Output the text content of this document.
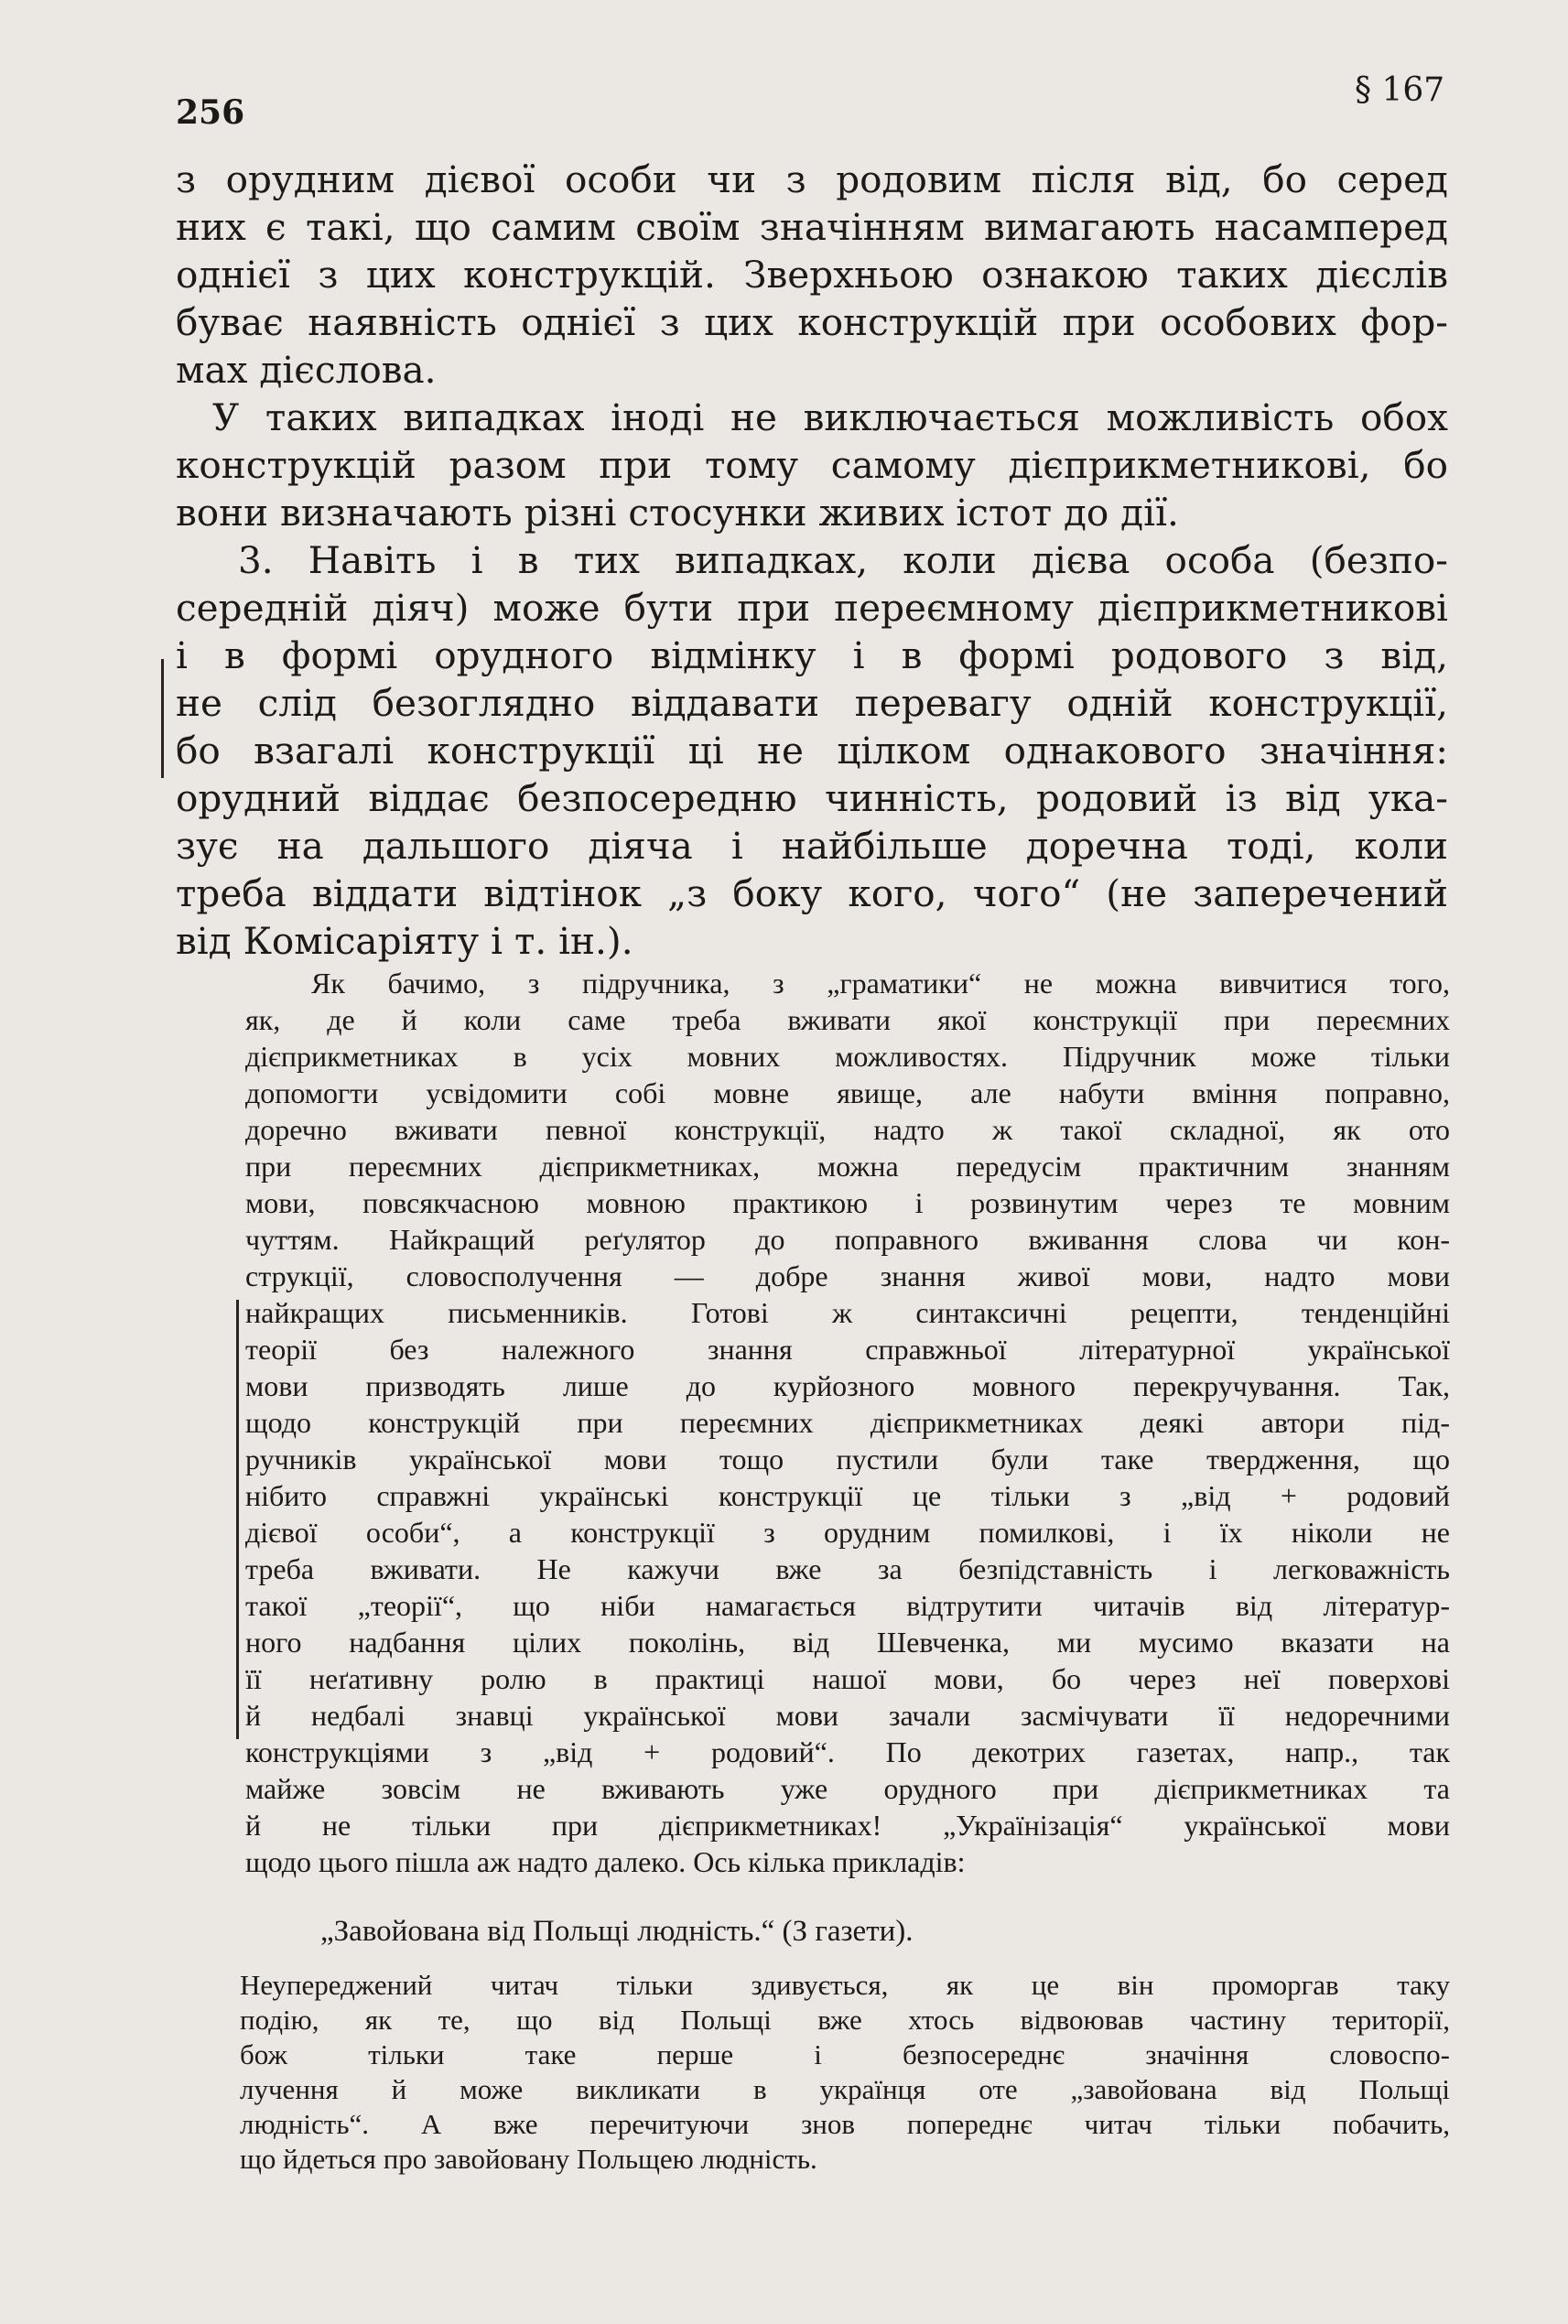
256
§ 167
з орудним дієвої особи чи з родовим після від, бо серед
них є такі, що самим своїм значінням вимагають насамперед
однієї з цих конструкцій. Зверхньою ознакою таких дієслів
буває наявність однієї з цих конструкцій при особових фор-
мах дієслова.
У таких випадках іноді не виключається можливість обох
конструкцій разом при тому самому дієприкметникові, бо
вони визначають різні стосунки живих істот до дії.
3. Навіть і в тих випадках, коли дієва особа (безпо-
середній діяч) може бути при переємному дієприкметникові
і в формі орудного відмінку і в формі родового з від,
не слід безоглядно віддавати перевагу одній конструкції,
бо взагалі конструкції ці не цілком однакового значіння:
орудний віддає безпосередню чинність, родовий із від ука-
зує на дальшого діяча і найбільше доречна тоді, коли
треба віддати відтінок „з боку кого, чого“ (не заперечений
від Комісаріяту і т. ін.).
Як бачимо, з підручника, з „граматики“ не можна вивчитися того,
як, де й коли саме треба вживати якої конструкції при переємних
дієприкметниках в усіх мовних можливостях. Підручник може тільки
допомогти усвідомити собі мовне явище, але набути вміння поправно,
доречно вживати певної конструкції, надто ж такої складної, як ото
при переємних дієприкметниках, можна передусім практичним знанням
мови, повсякчасною мовною практикою і розвинутим через те мовним
чуттям. Найкращий реґулятор до поправного вживання слова чи кон-
струкції, словосполучення — добре знання живої мови, надто мови
найкращих письменників. Готові ж синтаксичні рецепти, тенденційні
теорії без належного знання справжньої літературної української
мови призводять лише до курйозного мовного перекручування. Так,
щодо конструкцій при переємних дієприкметниках деякі автори під-
ручників української мови тощо пустили були таке твердження, що
нібито справжні українські конструкції це тільки з „від + родовий
дієвої особи“, а конструкції з орудним помилкові, і їх ніколи не
треба вживати. Не кажучи вже за безпідставність і легковажність
такої „теорії“, що ніби намагається відтрутити читачів від літератур-
ного надбання цілих поколінь, від Шевченка, ми мусимо вказати на
її неґативну ролю в практиці нашої мови, бо через неї поверхові
й недбалі знавці української мови зачали засмічувати її недоречними
конструкціями з „від + родовий“. По декотрих газетах, напр., так
майже зовсім не вживають уже орудного при дієприкметниках та
й не тільки при дієприкметниках! „Українізація“ української мови
щодо цього пішла аж надто далеко. Ось кілька прикладів:
„Завойована від Польщі людність.“ (З газети).
Неупереджений читач тільки здивується, як це він проморгав таку
подію, як те, що від Польщі вже хтось відвоював частину території,
бож тільки таке перше і безпосереднє значіння словоспо-
лучення й може викликати в українця оте „завойована від Польщі
людність“. А вже перечитуючи знов попереднє читач тільки побачить,
що йдеться про завойовану Польщею людність.
